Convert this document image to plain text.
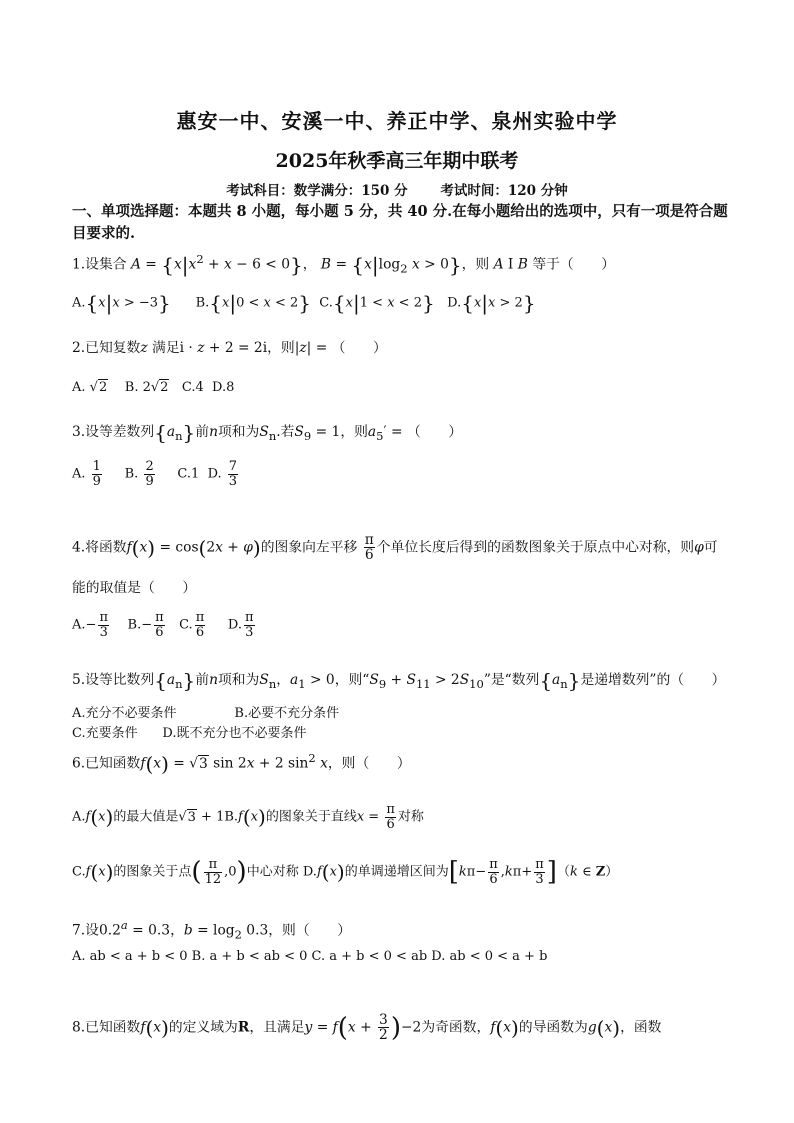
惠安一中、安溪一中、养正中学、泉州实验中学
2025年秋季高三年期中联考
考试科目：数学满分：150 分 考试时间：120 分钟
一、单项选择题：本题共 8 小题，每小题 5 分，共 40 分.在每小题给出的选项中，只有一项是符合题目要求的.
1.设集合 $A = \{x|x^2 + x - 6 < 0\}$， $B = \{x|\log_2$ x > 0}，则 A I B 等于（　　）
A.{x|x > −3} B.{x|0 < x < 2} C.{x|1 < x < 2} D.{x|x > 2}
2.已知复数z 满足i · z + 2 = 2i，则|z| = （　　）
A. √2 B. 2√2 C.4 D.8
3.设等差数列$\{a_n\}$前n项和为$S_n$.若$S_9 = 1$，则$a_5'$ = （　　）
A. $\frac{1}{9} B$. $\frac{2}{9} C.1$ D. $\frac{7}{3}$
4.将函数f(x) = cos(2x + φ)的图象向左平移 $\frac{\pi}{6}$ 个单位长度后得到的函数图象关于原点中心对称，则φ可
能的取值是（　　）
$A.- \frac{\pi}{3} B.- \frac{\pi}{6} C$. $\frac{\pi}{6} D$. $\frac{\pi}{3}$
5.设等比数列$\{a_n\}$前n项和为$S_n$，$a_1 > 0$，则“$S_9 + S_{11} > 2S_{10}$”是“数列$\{a_n\}$是递增数列”的（　　）
A.充分不必要条件	B.必要不充分条件
C.充要条件 D.既不充分也不必要条件
6.已知函数f(x) = √3 sin 2x + 2 $\sin^2 x$，则（　　）
A.f(x)的最大值是√3 + 1B.f(x)的图象关于直线$x = \frac{\pi}{6}$ 对称
C.f(x)的图象关于点( $\frac{\pi}{12} ,0$)中心对称 D.f(x)的单调递增区间为$[k\pi- \frac{\pi}{6} ,k\pi+ \frac{\pi}{3} ](k$ ∈ Z）
7.设0.2$^a$ = 0.3，$b = \log_2 0.3$，则（　　）
A. ab < a + b < 0 B. a + b < ab < 0 C. a + b < 0 < ab D. ab < 0 < a + b
8.已知函数f(x)的定义域为R，且满足$y = f(x + \frac{3}{2} )-2$为奇函数，f(x)的导函数为g(x)，函数
